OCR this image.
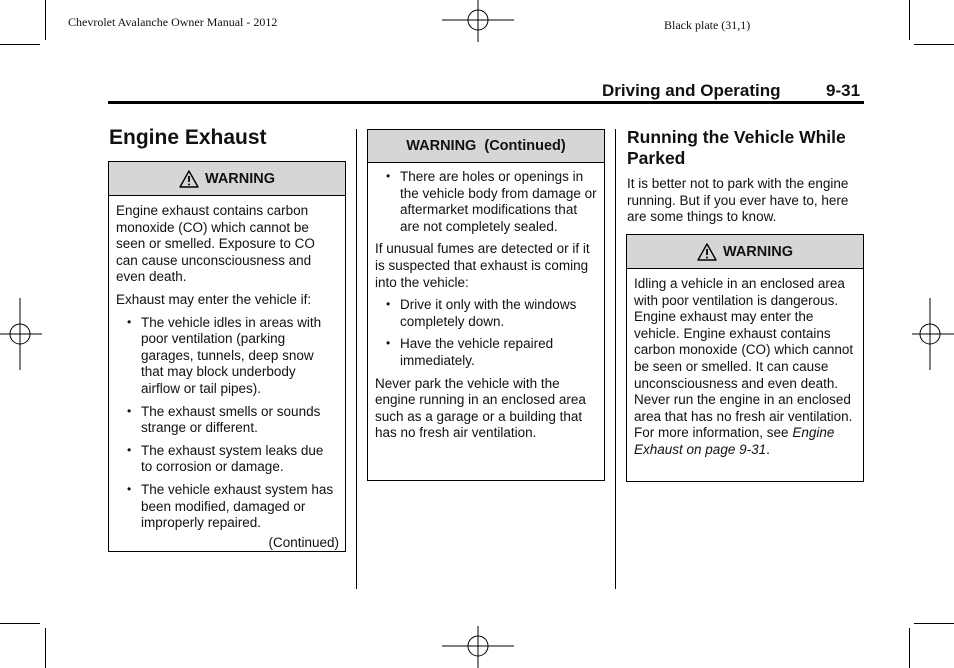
Chevrolet Avalanche Owner Manual - 2012	Black plate (31,1)
Driving and Operating	9-31
Engine Exhaust
WARNING

Engine exhaust contains carbon monoxide (CO) which cannot be seen or smelled. Exposure to CO can cause unconsciousness and even death.

Exhaust may enter the vehicle if:

• The vehicle idles in areas with poor ventilation (parking garages, tunnels, deep snow that may block underbody airflow or tail pipes).
• The exhaust smells or sounds strange or different.
• The exhaust system leaks due to corrosion or damage.
• The vehicle exhaust system has been modified, damaged or improperly repaired.
(Continued)
WARNING  (Continued)
• There are holes or openings in the vehicle body from damage or aftermarket modifications that are not completely sealed.

If unusual fumes are detected or if it is suspected that exhaust is coming into the vehicle:

• Drive it only with the windows completely down.
• Have the vehicle repaired immediately.

Never park the vehicle with the engine running in an enclosed area such as a garage or a building that has no fresh air ventilation.

Running the Vehicle While Parked
It is better not to park with the engine running. But if you ever have to, here are some things to know.
WARNING
Idling a vehicle in an enclosed area with poor ventilation is dangerous. Engine exhaust may enter the vehicle. Engine exhaust contains carbon monoxide (CO) which cannot be seen or smelled. It can cause unconsciousness and even death. Never run the engine in an enclosed area that has no fresh air ventilation. For more information, see Engine Exhaust on page 9-31.
